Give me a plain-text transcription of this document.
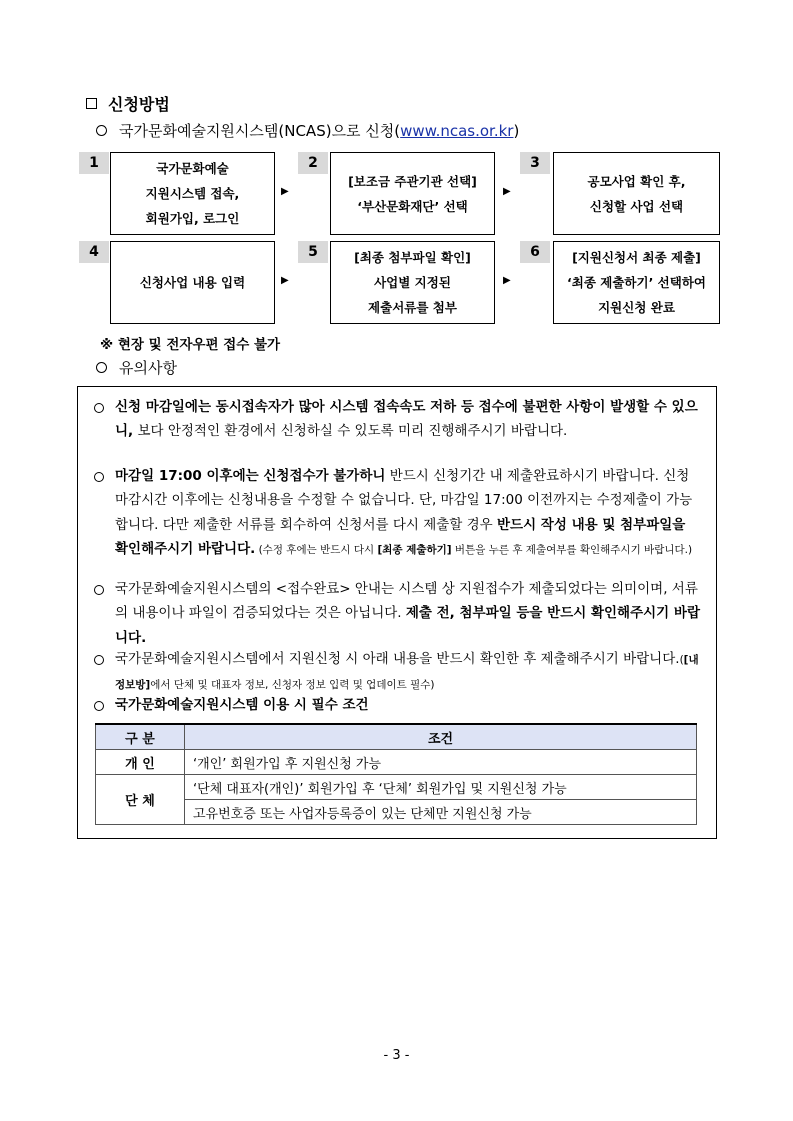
신청방법
국가문화예술지원시스템(NCAS)으로 신청( www.ncas.or.kr )
1	국가문화예술
지원시스템 접속,
회원가입, 로그인
▶
2
[보조금 주관기관 선택]
‘부산문화재단’ 선택
▶
3
공모사업 확인 후,
신청할 사업 선택
4
신청사업 내용 입력	▶
5	[최종 첨부파일 확인]
사업별 지정된
제출서류를 첨부
▶
6	[지원신청서 최종 제출]
‘최종 제출하기’ 선택하여
지원신청 완료
※ 현장 및 전자우편 접수 불가
유의사항
신청 마감일에는 동시접속자가 많아 시스템 접속속도 저하 등 접수에 불편한 사항이 발생할 수 있으니, 보다 안정적인 환경에서 신청하실 수 있도록 미리 진행해주시기 바랍니다.
마감일 17:00 이후에는 신청접수가 불가하니 반드시 신청기간 내 제출완료하시기 바랍니다. 신청 마감시간 이후에는 신청내용을 수정할 수 없습니다. 단, 마감일 17:00 이전까지는 수정제출이 가능합니다. 다만 제출한 서류를 회수하여 신청서를 다시 제출할 경우 반드시 작성 내용 및 첨부파일을 확인해주시기 바랍니다. (수정 후에는 반드시 다시 [최종 제출하기] 버튼을 누른 후 제출여부를 확인해주시기 바랍니다.)
국가문화예술지원시스템의 <접수완료> 안내는 시스템 상 지원접수가 제출되었다는 의미이며, 서류의 내용이나 파일이 검증되었다는 것은 아닙니다. 제출 전, 첨부파일 등을 반드시 확인해주시기 바랍니다.
국가문화예술지원시스템에서 지원신청 시 아래 내용을 반드시 확인한 후 제출해주시기 바랍니다.([내 정보방]에서 단체 및 대표자 정보, 신청자 정보 입력 및 업데이트 필수)
국가문화예술지원시스템 이용 시 필수 조건
구 분	조건
개 인	‘개인’ 회원가입 후 지원신청 가능
단 체	‘단체 대표자(개인)’ 회원가입 후 ‘단체’ 회원가입 및 지원신청 가능
	고유번호증 또는 사업자등록증이 있는 단체만 지원신청 가능
- 3 -
